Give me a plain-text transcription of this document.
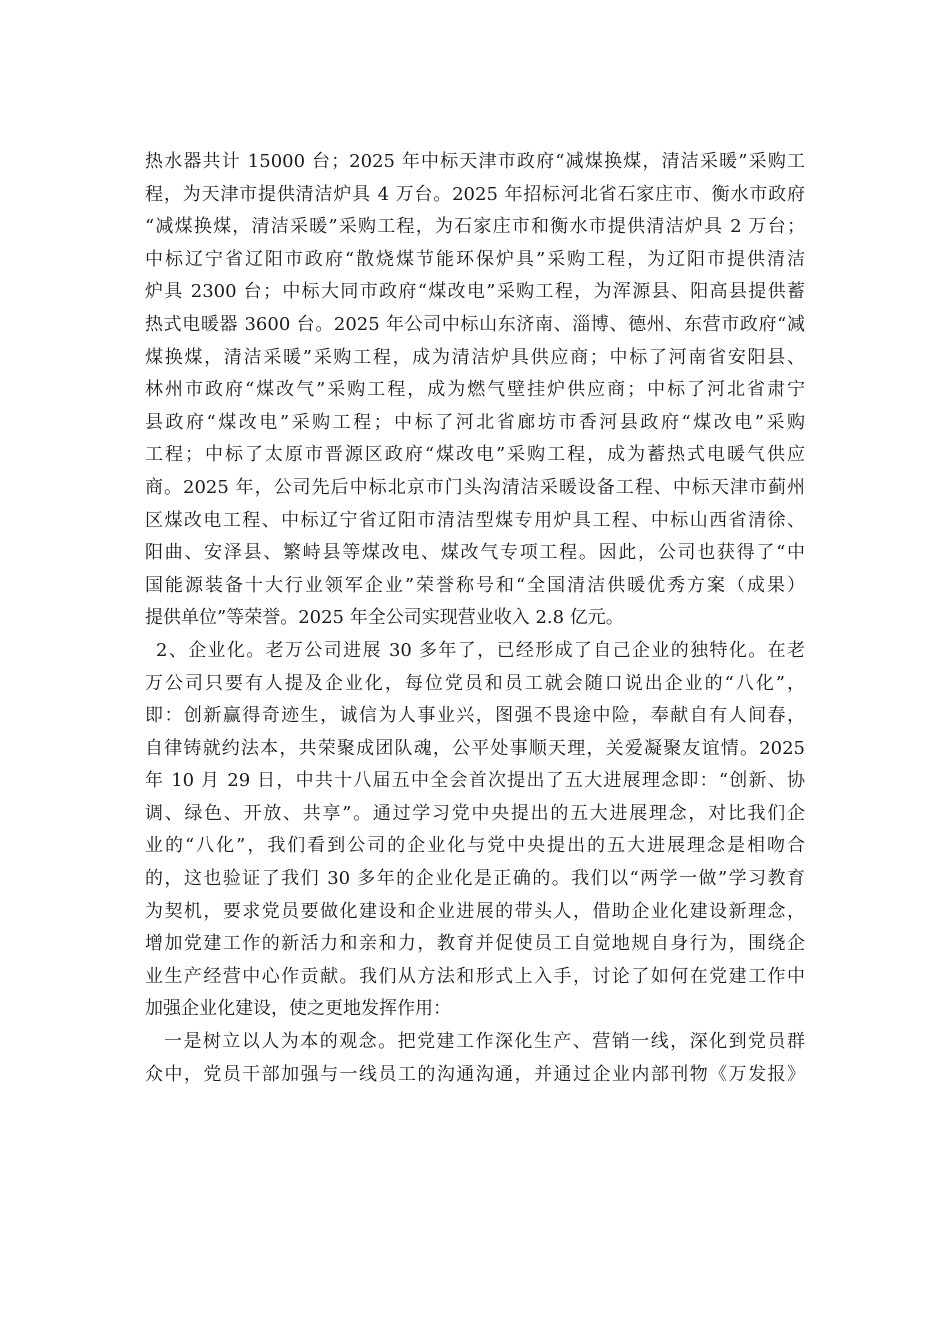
热水器共计 15000 台；2025 年中标天津市政府“减煤换煤，清洁采暖”采购工
程，为天津市提供清洁炉具 4 万台。2025 年招标河北省石家庄市、衡水市政府
“减煤换煤，清洁采暖”采购工程，为石家庄市和衡水市提供清洁炉具 2 万台；
中标辽宁省辽阳市政府“散烧煤节能环保炉具”采购工程，为辽阳市提供清洁
炉具 2300 台；中标大同市政府“煤改电”采购工程，为浑源县、阳高县提供蓄
热式电暖器 3600 台。2025 年公司中标山东济南、淄博、德州、东营市政府“减
煤换煤，清洁采暖”采购工程，成为清洁炉具供应商；中标了河南省安阳县、
林州市政府“煤改气”采购工程，成为燃气壁挂炉供应商；中标了河北省肃宁
县政府“煤改电”采购工程；中标了河北省廊坊市香河县政府“煤改电”采购
工程；中标了太原市晋源区政府“煤改电”采购工程，成为蓄热式电暖气供应
商。2025 年，公司先后中标北京市门头沟清洁采暖设备工程、中标天津市蓟州
区煤改电工程、中标辽宁省辽阳市清洁型煤专用炉具工程、中标山西省清徐、
阳曲、安泽县、繁峙县等煤改电、煤改气专项工程。因此，公司也获得了“中
国能源装备十大行业领军企业”荣誉称号和“全国清洁供暖优秀方案（成果）
提供单位”等荣誉。2025 年全公司实现营业收入 2.8 亿元。
2、企业化。老万公司进展 30 多年了，已经形成了自己企业的独特化。在老
万公司只要有人提及企业化，每位党员和员工就会随口说出企业的“八化”，
即：创新赢得奇迹生，诚信为人事业兴，图强不畏途中险，奉献自有人间春，
自律铸就约法本，共荣聚成团队魂，公平处事顺天理，关爱凝聚友谊情。2025
年 10 月 29 日，中共十八届五中全会首次提出了五大进展理念即：“创新、协
调、绿色、开放、共享”。通过学习党中央提出的五大进展理念，对比我们企
业的“八化”，我们看到公司的企业化与党中央提出的五大进展理念是相吻合
的，这也验证了我们 30 多年的企业化是正确的。我们以“两学一做”学习教育
为契机，要求党员要做化建设和企业进展的带头人，借助企业化建设新理念，
增加党建工作的新活力和亲和力，教育并促使员工自觉地规自身行为，围绕企
业生产经营中心作贡献。我们从方法和形式上入手，讨论了如何在党建工作中
加强企业化建设，使之更地发挥作用：
一是树立以人为本的观念。把党建工作深化生产、营销一线，深化到党员群
众中，党员干部加强与一线员工的沟通沟通，并通过企业内部刊物《万发报》
